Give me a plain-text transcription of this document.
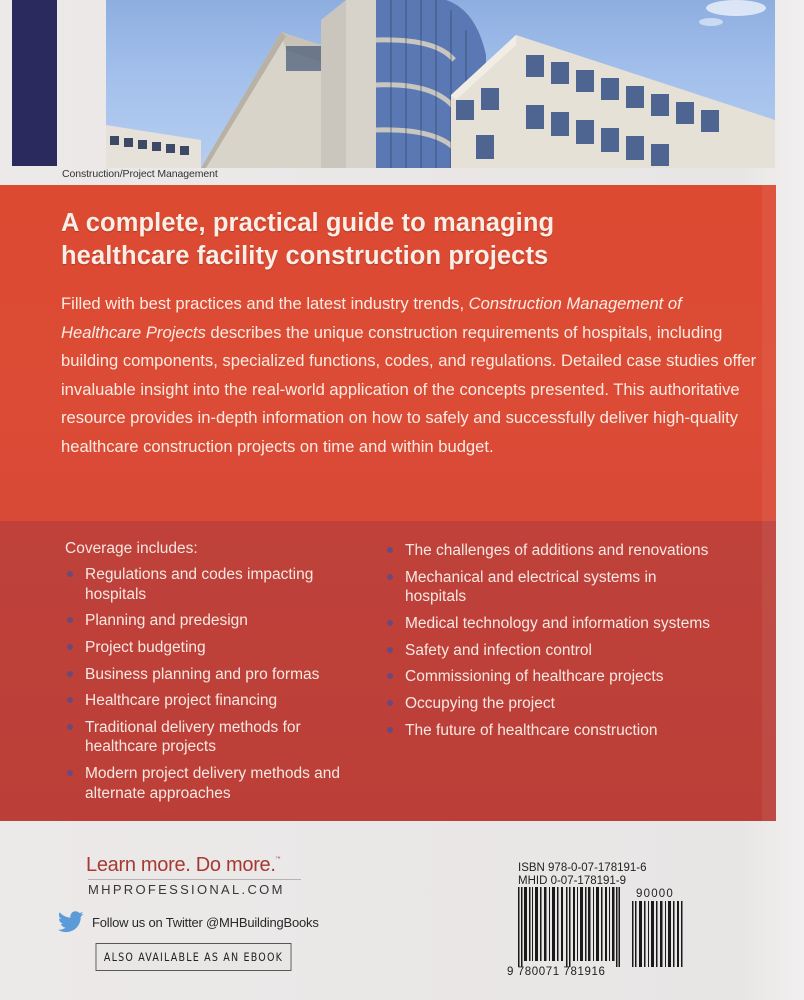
Construction/Project Management
A complete, practical guide to managing
healthcare facility construction projects
Filled with best practices and the latest industry trends, Construction Management of Healthcare Projects describes the unique construction requirements of hospitals, including building components, specialized functions, codes, and regulations. Detailed case studies offer invaluable insight into the real-world application of the concepts presented. This authoritative resource provides in-depth information on how to safely and successfully deliver high-quality healthcare construction projects on time and within budget.
Coverage includes:
Regulations and codes impacting hospitals
Planning and predesign
Project budgeting
Business planning and pro formas
Healthcare project financing
Traditional delivery methods for healthcare projects
Modern project delivery methods and alternate approaches
The challenges of additions and renovations
Mechanical and electrical systems in hospitals
Medical technology and information systems
Safety and infection control
Commissioning of healthcare projects
Occupying the project
The future of healthcare construction
Learn more. Do more.™
MHPROFESSIONAL.COM
Follow us on Twitter @MHBuildingBooks
ALSO AVAILABLE AS AN EBOOK
ISBN 978-0-07-178191-6
MHID 0-07-178191-9
90000
9 780071 781916
